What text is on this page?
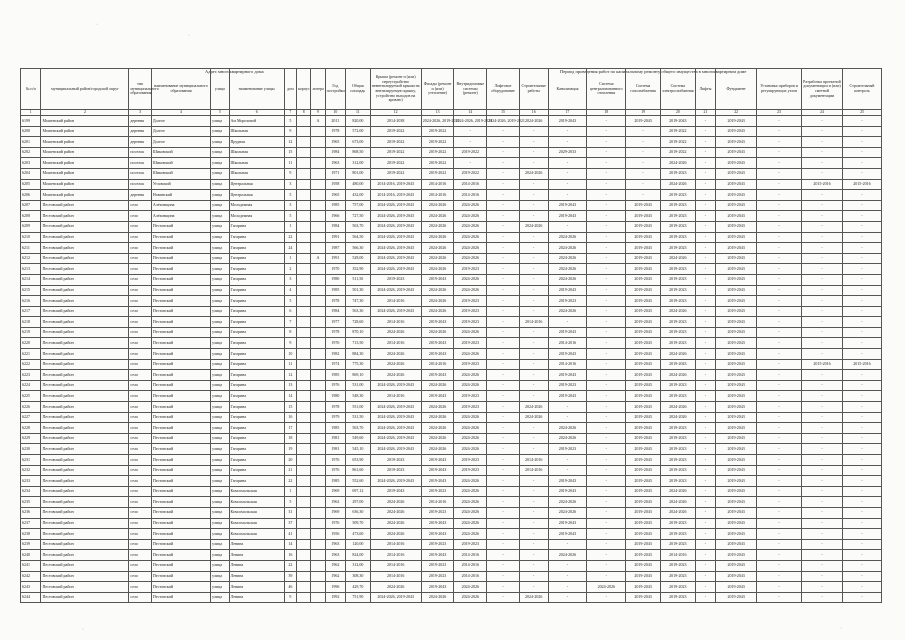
Адрес многоквартирного дома	Период проведения работ по капитальному ремонту общего имущества в многоквартирном доме
·
·
·
·
№ п/п	муниципальный район/городской округ	тип муниципального образования	наименование муниципального образования	улица	наименование улицы	дом	корпус	литера	Год постройки	Общая площадь	Крыша (ремонт и (или) переустройство невентилируемой крыши на вентилируемую крышу, устройство выходов на кровлю)	Фасады (ремонт и (или) утепление)	Внутридомовые системы (ремонт)	Лифтовое оборудование	Строительные работы	Канализация	Система централизованного отопления	Система газоснабжения	Система электроснабжения	Лифты	Фундамент	Установка приборов и регулирующих узлов	Разработка проектной документации и (или) сметной документации	Строительный контроль
1	2	3	4	5	6	7	8	9	10	11	12	13	14	15	16	17	18	19	20	21	22	23	24	25
6199	Мошенский район	деревня	Долгое	улица	Ам Мороховой	5		А	2011	820,00	2014-2038	2024-2026, 2019-2021	2024-2026, 2019-2021	2024-2026, 2019-2021	2024-2026	2019-2043	-	2019-2043	2019-2043	-	2019-2043	-	-	-
6200	Мошенский район	деревня	Долгое	улица	Школьная	9			1978	572,00	2019-2022	2019-2022	-	-	-	-	-	-	2019-2022	-	2019-2043	-	-	-
6201	Мошенский район	деревня	Долгое	улица	Прудная	12			1965	673,00	2019-2022	2019-2022	-	-	-	-	-	-	2019-2022	-	2019-2043	-	-	-
6202	Мошенский район	поселок	Шиковский	улица	Школьная	15			1984	868,50	2019-2022	2019-2022	2019-2022	-	-	2029-2033	-	-	2019-2022	-	2019-2043	-	-	-
6203	Мошенский район	поселок	Шиковский	улица	Школьная	11			1963	312,00	2019-2022	2019-2022	-	-	-	-	-	-	2024-2026	-	2019-2043	-	-	-
6204	Мошенский район	поселок	Шиковский	улица	Школьная	9			1971	801,00	2019-2022	2019-2022	2019-2022	-	2024-2026	-	-	-	2019-2023	-	2019-2043	-	-	-
6205	Мошенский район	поселок	Угловский	улица	Центральная	3			1958	480,00	2014-2016, 2019-2043	2014-2016	2014-2016	-	-	-	-	-	2024-2026	-	2019-2043	-	2015-2016	2015-2016
6206	Мошенский район	деревня	Новинский	улица	Центральная	5			1965	432,00	2014-2016, 2019-2043	2014-2016	2014-2016	-	-	-	-	-	2019-2023	-	2019-2043	-	-	-
6207	Пестовский район	село	Алёховщина	улица	Молодежная	3			1985	757,00	2024-2026, 2019-2043	2024-2026	2024-2026	-	-	2019-2043	-	2019-2043	2019-2023	-	2019-2043	-	-	-
6208	Пестовский район	село	Алёховщина	улица	Молодежная	5			1966	727,50	2024-2026, 2019-2043	2024-2026	2024-2026	-	-	2019-2043	-	2019-2043	2019-2023	-	2019-2043	-	-	-
6209	Пестовский район	село	Пестовский	улица	Гагарина	1			1984	563,70	2024-2026, 2019-2043	2024-2026	2024-2026	-	2024-2026	-	-	2019-2043	2019-2023	-	2019-2043	-	-	-
6210	Пестовский район	село	Пестовский	улица	Гагарина	22			1991	564,50	2024-2026, 2019-2043	2024-2026	2024-2026	-	-	2024-2026	-	2019-2043	2019-2023	-	2019-2043	-	-	-
6211	Пестовский район	село	Пестовский	улица	Гагарина	24			1987	566,30	2024-2026, 2019-2043	2024-2026	2024-2026	-	-	2024-2026	-	2019-2043	2019-2023	-	2019-2043	-	-	-
6212	Пестовский район	село	Пестовский	улица	Гагарина	1		А	1991	528,00	2024-2026, 2019-2043	2024-2026	2024-2026	-	-	2024-2026	-	2019-2043	2024-2026	-	2019-2043	-	-	-
6213	Пестовский район	село	Пестовский	улица	Гагарина	2			1970	352,90	2024-2026, 2019-2043	2024-2026	2019-2023	-	-	2024-2026	-	2019-2043	2019-2023	-	2019-2043	-	-	-
6214	Пестовский район	село	Пестовский	улица	Гагарина	3			1980	511,50	2019-2023	2019-2043	2024-2026	-	-	2024-2026	-	2019-2043	2019-2023	-	2019-2043	-	-	-
6215	Пестовский район	село	Пестовский	улица	Гагарина	4			1985	501,30	2024-2026, 2019-2043	2024-2026	2024-2026	-	-	2019-2043	-	2019-2043	2019-2023	-	2019-2043	-	-	-
6216	Пестовский район	село	Пестовский	улица	Гагарина	5			1978	747,30	2014-2016	2024-2026	2019-2023	-	-	2019-2023	-	2019-2043	2019-2023	-	2019-2043	-	-	-
6217	Пестовский район	село	Пестовский	улица	Гагарина	6			1984	563,30	2024-2026, 2019-2043	2024-2026	2019-2023	-	-	2024-2026	-	2019-2043	2024-2026	-	2019-2043	-	-	-
6218	Пестовский район	село	Пестовский	улица	Гагарина	7			1977	728,60	2014-2016	2019-2043	2019-2023	-	2014-2016	-	-	2019-2043	2019-2023	-	2019-2043	-	-	-
6219	Пестовский район	село	Пестовский	улица	Гагарина	8			1978	870,10	2024-2026	2024-2026	2024-2026	-	-	2019-2043	-	2019-2043	2019-2023	-	2019-2043	-	-	-
6220	Пестовский район	село	Пестовский	улица	Гагарина	9			1976	713,50	2014-2016	2019-2043	2019-2023	-	-	2014-2016	-	2019-2043	2019-2023	-	2019-2043	-	-	-
6221	Пестовский район	село	Пестовский	улица	Гагарина	10			1982	884,30	2024-2026	2019-2043	2024-2026	-	-	2019-2043	-	2019-2043	2024-2026	-	2019-2043	-	-	-
6222	Пестовский район	село	Пестовский	улица	Гагарина	11			1974	775,30	2024-2026	2014-2016	2019-2023	-	-	2014-2016	-	2019-2043	2019-2043	-	2019-2043	-	2015-2016	2015-2016
6223	Пестовский район	село	Пестовский	улица	Гагарина	12			1985	869,10	2024-2026	2019-2043	2024-2026	-	-	2019-2043	-	2019-2043	2024-2026	-	2019-2043	-	-	-
6224	Пестовский район	село	Пестовский	улица	Гагарина	13			1976	531,00	2024-2026, 2019-2043	2024-2026	2024-2026	-	-	2019-2023	-	2019-2043	2019-2023	-	2019-2043	-	-	-
6225	Пестовский район	село	Пестовский	улица	Гагарина	14			1980	548,30	2014-2016	2019-2043	2019-2023	-	-	2019-2043	-	2019-2043	2019-2023	-	2019-2043	-	-	-
6226	Пестовский район	село	Пестовский	улица	Гагарина	15			1978	551,00	2024-2026, 2019-2043	2024-2026	2019-2023	-	2024-2026	-	-	2019-2043	2024-2026	-	2019-2043	-	-	-
6227	Пестовский район	село	Пестовский	улица	Гагарина	16			1979	531,50	2024-2026, 2019-2043	2024-2026	2024-2026	-	2024-2026	-	-	2019-2043	2024-2026	-	2019-2043	-	-	-
6228	Пестовский район	село	Пестовский	улица	Гагарина	17			1985	563,70	2024-2026, 2019-2043	2024-2026	2024-2026	-	-	2024-2026	-	2019-2043	2019-2023	-	2019-2043	-	-	-
6229	Пестовский район	село	Пестовский	улица	Гагарина	18			1981	549,60	2024-2026, 2019-2043	2024-2026	2024-2026	-	-	2024-2026	-	2019-2043	2019-2023	-	2019-2043	-	-	-
6230	Пестовский район	село	Пестовский	улица	Гагарина	19			1981	545,10	2024-2026, 2019-2043	2024-2026	2024-2026	-	-	2019-2023	-	2019-2043	2019-2023	-	2019-2043	-	-	-
6231	Пестовский район	село	Пестовский	улица	Гагарина	20			1976	653,90	2019-2023	2019-2043	2019-2023	-	2014-2016	-	-	2019-2043	2019-2023	-	2019-2043	-	-	-
6232	Пестовский район	село	Пестовский	улица	Гагарина	21			1976	861,60	2019-2023	2019-2043	2019-2023	-	2014-2016	-	-	2019-2043	2019-2023	-	2019-2043	-	-	-
6233	Пестовский район	село	Пестовский	улица	Гагарина	22			1985	552,60	2024-2026, 2019-2043	2019-2043	2024-2026	-	-	2019-2043	-	2019-2043	2019-2023	-	2019-2043	-	-	-
6234	Пестовский район	село	Пестовский	улица	Комсомольская	1			1969	697,12	2019-2043	2019-2023	2024-2026	-	-	2019-2043	-	2019-2043	2024-2026	-	2019-2043	-	-	-
6235	Пестовский район	село	Пестовский	улица	Комсомольская	5			1962	297,00	2024-2026	2014-2016	2024-2026	-	-	2024-2026	-	2019-2043	2024-2026	-	2019-2043	-	-	-
6236	Пестовский район	село	Пестовский	улица	Комсомольская	31			1969	636,30	2024-2026	2019-2023	2024-2026	-	-	2024-2026	-	2019-2043	2024-2026	-	2019-2043	-	-	-
6237	Пестовский район	село	Пестовский	улица	Комсомольская	37			1976	509,70	2024-2026	2019-2043	2024-2026	-	-	2019-2043	-	2019-2043	2019-2023	-	2019-2043	-	-	-
6238	Пестовский район	село	Пестовский	улица	Комсомольская	41			1956	473,60	2024-2026	2019-2043	2024-2026	-	-	2019-2043	-	2019-2043	2019-2023	-	2019-2043	-	-	-
6239	Пестовский район	село	Пестовский	улица	Ленина	14			1963	120,00	2014-2016	2019-2023	2019-2023	-	-	-	-	2019-2043	2019-2023	-	2019-2043	-	-	-
6240	Пестовский район	село	Пестовский	улица	Ленина	16			1963	824,00	2014-2016	2019-2043	2014-2016	-	-	2024-2026	-	2019-2043	2014-2016	-	2019-2043	-	-	-
6241	Пестовский район	село	Пестовский	улица	Ленина	22			1962	312,00	2014-2016	2019-2023	2014-2016	-	-	-	-	2019-2043	2019-2023	-	2019-2043	-	-	-
6242	Пестовский район	село	Пестовский	улица	Ленина	39			1962	308,30	2014-2016	2019-2023	2014-2016	-	-	-	-	2019-2043	2019-2023	-	2019-2043	-	-	-
6243	Пестовский район	село	Пестовский	улица	Ленина	46			1996	429,70	2024-2026	2019-2043	2024-2026	-	-	-	2024-2026	2019-2043	2019-2023	-	2019-2043	-	-	-
6244	Пестовский район	село	Пестовский	улица	Ленина	9			1992	751,90	2024-2026, 2019-2043	2024-2026	2024-2026	-	2024-2026	-	-	2019-2043	2019-2023	-	2019-2043	-	-	-
